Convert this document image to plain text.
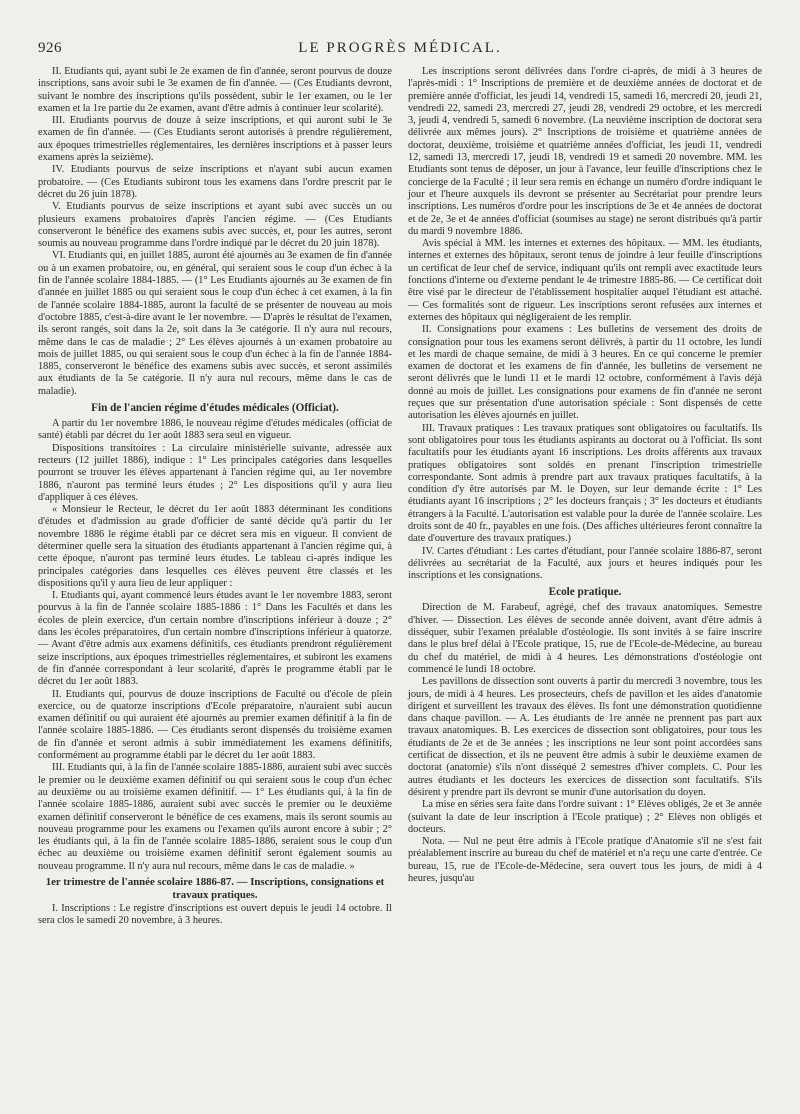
926	LE PROGRÈS MÉDICAL.

II. Etudiants qui, ayant subi le 2e examen de fin d'année, seront pourvus de douze inscriptions, sans avoir subi le 3e examen de fin d'année. — (Ces Etudiants devront, suivant le nombre des inscriptions qu'ils possèdent, subir le 1er examen, ou le 1er examen et la 1re partie du 2e examen, avant d'être admis à continuer leur scolarité).

III. Etudiants pourvus de douze à seize inscriptions, et qui auront subi le 3e examen de fin d'année. — (Ces Etudiants seront autorisés à prendre régulièrement, aux époques trimestrielles réglementaires, les dernières inscriptions et à passer leurs examens après la seizième).

IV. Etudiants pourvus de seize inscriptions et n'ayant subi aucun examen probatoire. — (Ces Etudiants subiront tous les examens dans l'ordre prescrit par le décret du 26 juin 1878).

V. Etudiants pourvus de seize inscriptions et ayant subi avec succès un ou plusieurs examens probatoires d'après l'ancien régime. — (Ces Etudiants conserveront le bénéfice des examens subis avec succès, et, pour les autres, seront soumis au nouveau programme dans l'ordre indiqué par le décret du 20 juin 1878).

VI. Etudiants qui, en juillet 1885, auront été ajournés au 3e examen de fin d'année ou à un examen probatoire, ou, en général, qui seraient sous le coup d'un échec à la fin de l'année scolaire 1884-1885. — (1° Les Etudiants ajournés au 3e examen de fin d'année en juillet 1885 ou qui seraient sous le coup d'un échec à cet examen, à la fin de l'année scolaire 1884-1885, auront la faculté de se présenter de nouveau au mois d'octobre 1885, c'est-à-dire avant le 1er novembre. — D'après le résultat de l'examen, ils seront rangés, soit dans la 2e, soit dans la 3e catégorie. Il n'y aura nul recours, même dans le cas de maladie ; 2° Les élèves ajournés à un examen probatoire au mois de juillet 1885, ou qui seraient sous le coup d'un échec à la fin de l'année 1884-1885, conserveront le bénéfice des examens subis avec succès, et seront assimilés aux étudiants de la 5e catégorie. Il n'y aura nul recours, même dans le cas de maladie).

Fin de l'ancien régime d'études médicales (Officiat).

A partir du 1er novembre 1886, le nouveau régime d'études médicales (officiat de santé) établi par décret du 1er août 1883 sera seul en vigueur.

Dispositions transitoires : La circulaire ministérielle suivante, adressée aux recteurs (12 juillet 1886), indique : 1° Les principales catégories dans lesquelles pourront se trouver les élèves appartenant à l'ancien régime qui, au 1er novembre 1886, n'auront pas terminé leurs études ; 2° Les dispositions qu'il y aura lieu d'appliquer à ces élèves.

« Monsieur le Recteur, le décret du 1er août 1883 déterminant les conditions d'études et d'admission au grade d'officier de santé décide qu'à partir du 1er novembre 1886 le régime établi par ce décret sera mis en vigueur. Il convient de déterminer quelle sera la situation des étudiants appartenant à l'ancien régime qui, à cette époque, n'auront pas terminé leurs études. Le tableau ci-après indique les principales catégories dans lesquelles ces élèves peuvent être classés et les dispositions qu'il y aura lieu de leur appliquer :

I. Etudiants qui, ayant commencé leurs études avant le 1er novembre 1883, seront pourvus à la fin de l'année scolaire 1885-1886 : 1° Dans les Facultés et dans les écoles de plein exercice, d'un certain nombre d'inscriptions inférieur à douze ; 2° dans les écoles préparatoires, d'un certain nombre d'inscriptions inférieur à quatorze. — Avant d'être admis aux examens définitifs, ces étudiants prendront régulièrement seize inscriptions, aux époques trimestrielles réglementaires, et subiront les examens de fin d'année correspondant à leur scolarité, d'après le programme établi par le décret du 1er août 1883.

II. Etudiants qui, pourvus de douze inscriptions de Faculté ou d'école de plein exercice, ou de quatorze inscriptions d'Ecole préparatoire, n'auraient subi aucun examen définitif ou qui auraient été ajournés au premier examen définitif à la fin de l'année scolaire 1885-1886. — Ces étudiants seront dispensés du troisième examen de fin d'année et seront admis à subir immédiatement les examens définitifs, conformément au programme établi par le décret du 1er août 1883.

III. Etudiants qui, à la fin de l'année scolaire 1885-1886, auraient subi avec succès le premier ou le deuxième examen définitif ou qui seraient sous le coup d'un échec au deuxième ou au troisième examen définitif. — 1° Les étudiants qui, à la fin de l'année scolaire 1885-1886, auraient subi avec succès le premier ou le deuxième examen définitif conserveront le bénéfice de ces examens, mais ils seront soumis au nouveau programme pour les examens ou l'examen qu'ils auront encore à subir ; 2° les étudiants qui, à la fin de l'année scolaire 1885-1886, seraient sous le coup d'un échec au deuxième ou troisième examen définitif seront également soumis au nouveau programme. Il n'y aura nul recours, même dans le cas de maladie. »

1er trimestre de l'année scolaire 1886-87. — Inscriptions, consignations et travaux pratiques.

I. Inscriptions : Le registre d'inscriptions est ouvert depuis le jeudi 14 octobre. Il sera clos le samedi 20 novembre, à 3 heures.

Les inscriptions seront délivrées dans l'ordre ci-après, de midi à 3 heures de l'après-midi : 1° Inscriptions de première et de deuxième années de doctorat et de première année d'officiat, les jeudi 14, vendredi 15, samedi 16, mercredi 20, jeudi 21, vendredi 22, samedi 23, mercredi 27, jeudi 28, vendredi 29 octobre, et les mercredi 3, jeudi 4, vendredi 5, samedi 6 novembre. (La neuvième inscription de doctorat sera délivrée aux mêmes jours). 2° Inscriptions de troisième et quatrième années de doctorat, deuxième, troisième et quatrième années d'officiat, les jeudi 11, vendredi 12, samedi 13, mercredi 17, jeudi 18, vendredi 19 et samedi 20 novembre. MM. les Etudiants sont tenus de déposer, un jour à l'avance, leur feuille d'inscriptions chez le concierge de la Faculté ; il leur sera remis en échange un numéro d'ordre indiquant le jour et l'heure auxquels ils devront se présenter au Secrétariat pour prendre leurs inscriptions. Les numéros d'ordre pour les inscriptions de 3e et 4e années de doctorat et de 2e, 3e et 4e années d'officiat (soumises au stage) ne seront distribués qu'à partir du mardi 9 novembre 1886.

Avis spécial à MM. les internes et externes des hôpitaux. — MM. les étudiants, internes et externes des hôpitaux, seront tenus de joindre à leur feuille d'inscriptions un certificat de leur chef de service, indiquant qu'ils ont rempli avec exactitude leurs fonctions d'interne ou d'externe pendant le 4e trimestre 1885-86. — Ce certificat doit être visé par le directeur de l'établissement hospitalier auquel l'étudiant est attaché. — Ces formalités sont de rigueur. Les inscriptions seront refusées aux internes et externes des hôpitaux qui négligeraient de les remplir.

II. Consignations pour examens : Les bulletins de versement des droits de consignation pour tous les examens seront délivrés, à partir du 11 octobre, les lundi et les mardi de chaque semaine, de midi à 3 heures. En ce qui concerne le premier examen de doctorat et les examens de fin d'année, les bulletins de versement ne seront délivrés que le lundi 11 et le mardi 12 octobre, conformément à l'avis déjà donné au mois de juillet. Les consignations pour examens de fin d'année ne seront reçues que sur présentation d'une autorisation spéciale : Sont dispensés de cette autorisation les élèves ajournés en juillet.

III. Travaux pratiques : Les travaux pratiques sont obligatoires ou facultatifs. Ils sont obligatoires pour tous les étudiants aspirants au doctorat ou à l'officiat. Ils sont facultatifs pour les étudiants ayant 16 inscriptions. Les droits afférents aux travaux pratiques obligatoires sont soldés en prenant l'inscription trimestrielle correspondante. Sont admis à prendre part aux travaux pratiques facultatifs, à la condition d'y être autorisés par M. le Doyen, sur leur demande écrite : 1° Les étudiants ayant 16 inscriptions ; 2° les docteurs français ; 3° les docteurs et étudiants étrangers à la Faculté. L'autorisation est valable pour la durée de l'année scolaire. Les droits sont de 40 fr., payables en une fois. (Des affiches ultérieures feront connaître la date d'ouverture des travaux pratiques.)

IV. Cartes d'étudiant : Les cartes d'étudiant, pour l'année scolaire 1886-87, seront délivrées au secrétariat de la Faculté, aux jours et heures indiqués pour les inscriptions et les consignations.

Ecole pratique.

Direction de M. Farabeuf, agrégé, chef des travaux anatomiques. Semestre d'hiver. — Dissection. Les élèves de seconde année doivent, avant d'être admis à disséquer, subir l'examen préalable d'ostéologie. Ils sont invités à se faire inscrire dans le plus bref délai à l'Ecole pratique, 15, rue de l'Ecole-de-Médecine, au bureau du chef du matériel, de midi à 4 heures. Les démonstrations d'ostéologie ont commencé le lundi 18 octobre.

Les pavillons de dissection sont ouverts à partir du mercredi 3 novembre, tous les jours, de midi à 4 heures. Les prosecteurs, chefs de pavillon et les aides d'anatomie dirigent et surveillent les travaux des élèves. Ils font une démonstration quotidienne dans chaque pavillon. — A. Les étudiants de 1re année ne prennent pas part aux travaux anatomiques. B. Les exercices de dissection sont obligatoires, pour tous les étudiants de 2e et de 3e années ; les inscriptions ne leur sont point accordées sans certificat de dissection, et ils ne peuvent être admis à subir le deuxième examen de doctorat (anatomie) s'ils n'ont disséqué 2 semestres d'hiver complets. C. Pour les autres étudiants et les docteurs les exercices de dissection sont facultatifs. S'ils désirent y prendre part ils devront se munir d'une autorisation du doyen.

La mise en séries sera faite dans l'ordre suivant : 1° Elèves obligés, 2e et 3e année (suivant la date de leur inscription à l'Ecole pratique) ; 2° Elèves non obligés et docteurs.

Nota. — Nul ne peut être admis à l'Ecole pratique d'Anatomie s'il ne s'est fait préalablement inscrire au bureau du chef de matériel et n'a reçu une carte d'entrée. Ce bureau, 15, rue de l'Ecole-de-Médecine, sera ouvert tous les jours, de midi à 4 heures, jusqu'au
